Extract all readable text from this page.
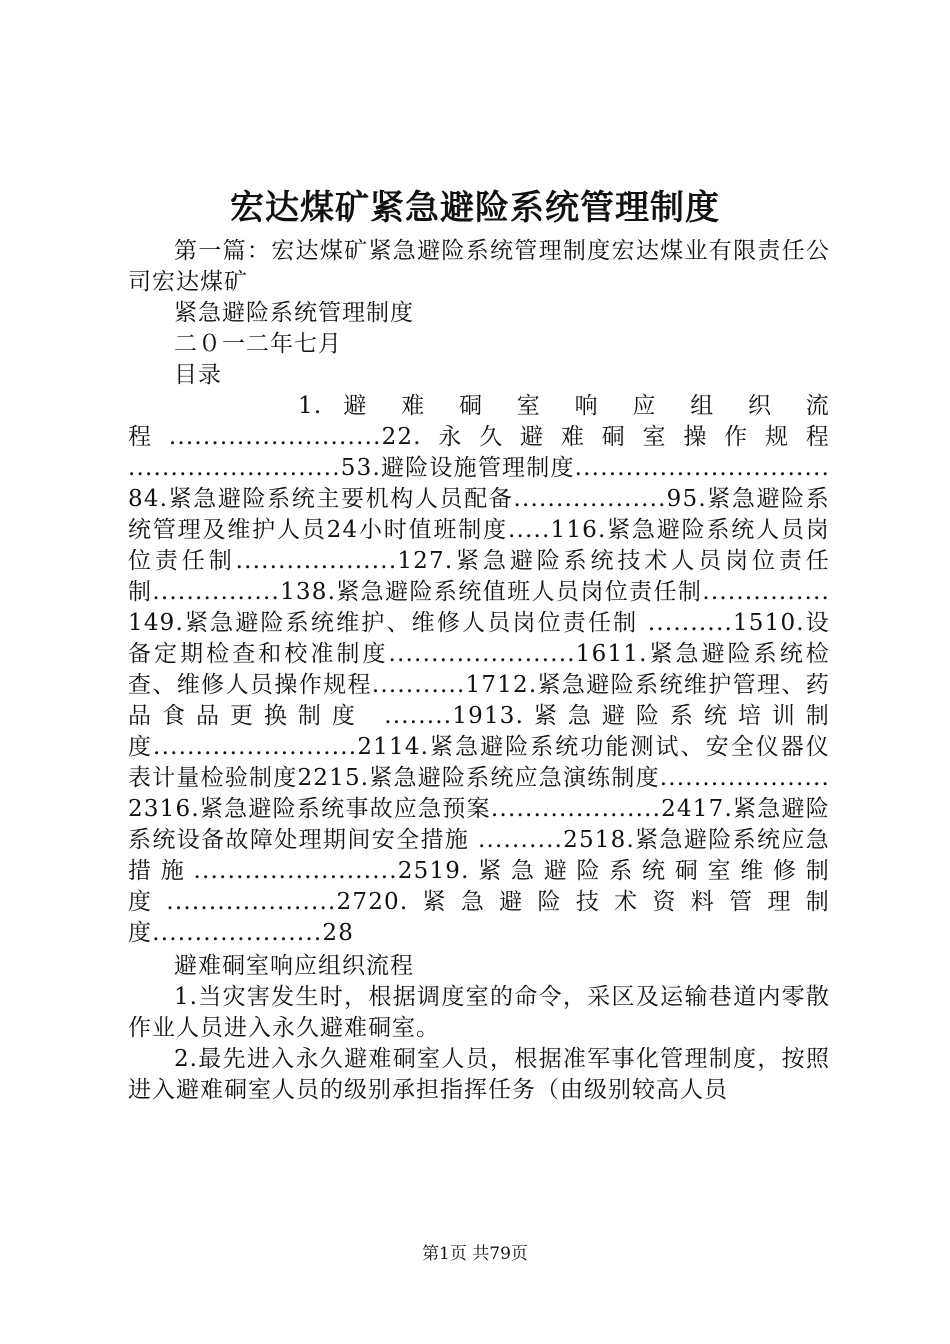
宏达煤矿紧急避险系统管理制度

第一篇：宏达煤矿紧急避险系统管理制度宏达煤业有限责任公司宏达煤矿

紧急避险系统管理制度

二０一二年七月

目录

1. 避 难 硐 室 响 应 组 织 流 程.........................22.永久避难硐室操作规程 .........................53.避险设施管理制度..............................84.紧急避险系统主要机构人员配备..................95.紧急避险系统管理及维护人员24小时值班制度.....116.紧急避险系统人员岗位责任制...................127.紧急避险系统技术人员岗位责任制...............138.紧急避险系统值班人员岗位责任制...............149.紧急避险系统维护、维修人员岗位责任制 ..........1510.设备定期检查和校准制度......................1611.紧急避险系统检查、维修人员操作规程...........1712.紧急避险系统维护管理、药品食品更换制度 ........1913.紧急避险系统培训制度........................2114.紧急避险系统功能测试、安全仪器仪表计量检验制度2215.紧急避险系统应急演练制度....................2316.紧急避险系统事故应急预案....................2417.紧急避险系统设备故障处理期间安全措施 ..........2518.紧急避险系统应急措施........................2519.紧急避险系统硐室维修制度....................2720.紧急避险技术资料管理制度....................28

避难硐室响应组织流程

1.当灾害发生时，根据调度室的命令，采区及运输巷道内零散作业人员进入永久避难硐室。

2.最先进入永久避难硐室人员，根据准军事化管理制度，按照进入避难硐室人员的级别承担指挥任务（由级别较高人员

第1页 共79页
